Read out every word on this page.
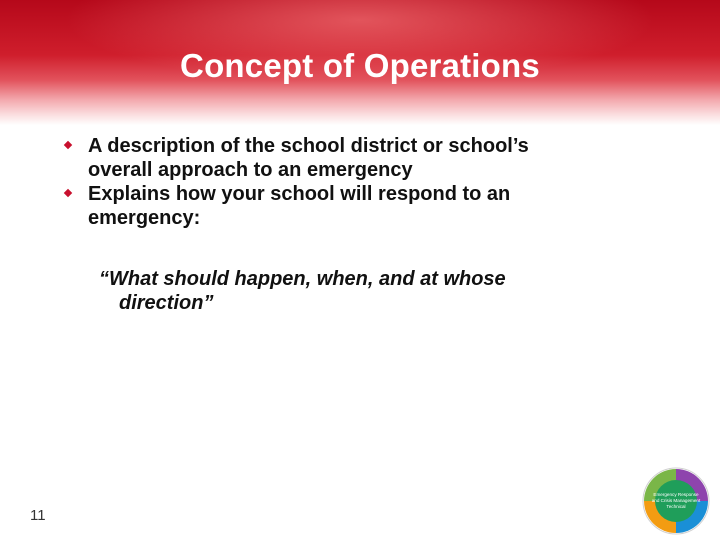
Concept of Operations
A description of the school district or school’s
overall approach to an emergency
Explains how your school will respond to an
emergency:
“What should happen, when, and at whose
direction”
11
Emergency Response
and Crisis Management
Technical
